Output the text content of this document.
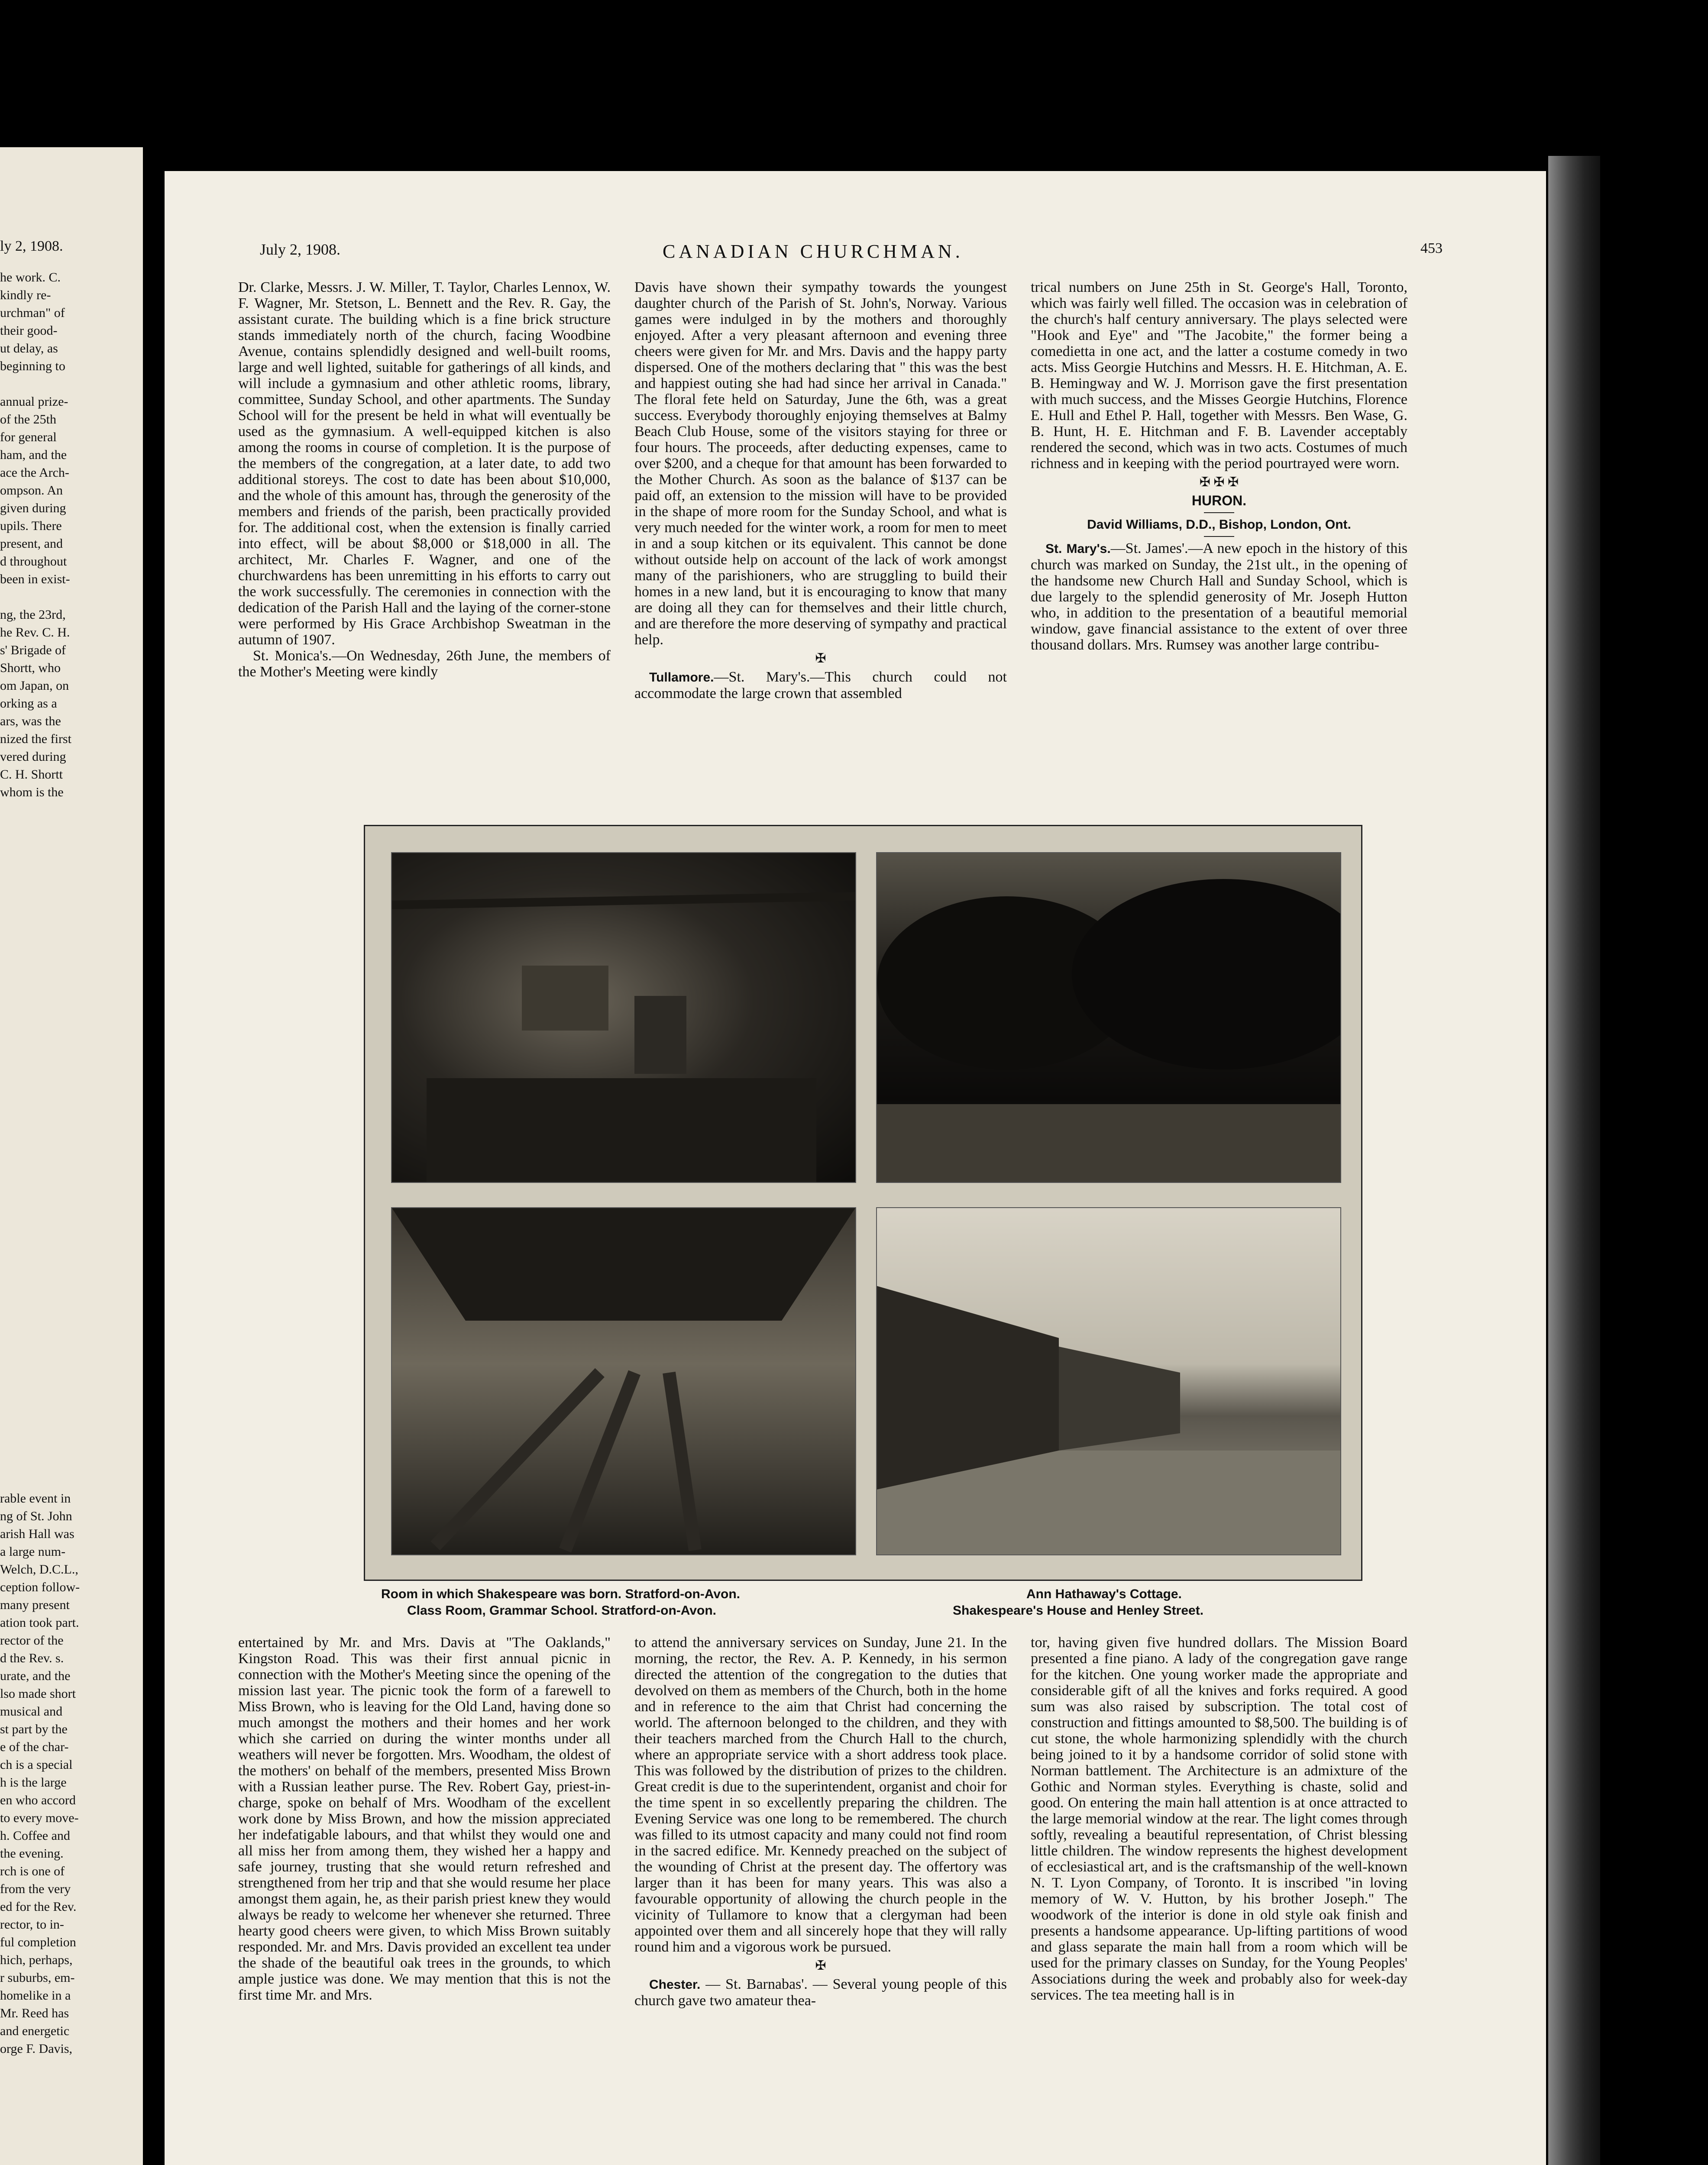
ly 2, 1908.
he work. C.
kindly re-
urchman" of
their good-
ut delay, as
beginning to
annual prize-
of the 25th
for general
ham, and the
ace the Arch-
ompson. An
given during
upils. There
present, and
d throughout
been in exist-
ng, the 23rd,
he Rev. C. H.
s' Brigade of
Shortt, who
om Japan, on
orking as a
ars, was the
nized the first
vered during
C. H. Shortt
whom is the
rable event in
ng of St. John
arish Hall was
a large num-
Welch, D.C.L.,
ception follow-
many present
ation took part.
rector of the
d the Rev. s.
urate, and the
lso made short
musical and
st part by the
e of the char-
ch is a special
h is the large
en who accord
to every move-
h. Coffee and
the evening.
rch is one of
from the very
ed for the Rev.
rector, to in-
ful completion
hich, perhaps,
r suburbs, em-
homelike in a
Mr. Reed has
and energetic
orge F. Davis,
July 2, 1908.	CANADIAN CHURCHMAN.	453

Dr. Clarke, Messrs. J. W. Miller, T. Taylor, Charles Lennox, W. F. Wagner, Mr. Stetson, L. Bennett and the Rev. R. Gay, the assistant curate. The building which is a fine brick structure stands immediately north of the church, facing Woodbine Avenue, contains splendidly designed and well-built rooms, large and well lighted, suitable for gatherings of all kinds, and will include a gymnasium and other athletic rooms, library, committee, Sunday School, and other apartments. The Sunday School will for the present be held in what will eventually be used as the gymnasium. A well-equipped kitchen is also among the rooms in course of completion. It is the purpose of the members of the congregation, at a later date, to add two additional storeys. The cost to date has been about $10,000, and the whole of this amount has, through the generosity of the members and friends of the parish, been practically provided for. The additional cost, when the extension is finally carried into effect, will be about $8,000 or $18,000 in all. The architect, Mr. Charles F. Wagner, and one of the churchwardens has been unremitting in his efforts to carry out the work successfully. The ceremonies in connection with the dedication of the Parish Hall and the laying of the corner-stone were performed by His Grace Archbishop Sweatman in the autumn of 1907.

St. Monica's.—On Wednesday, 26th June, the members of the Mother's Meeting were kindly

Davis have shown their sympathy towards the youngest daughter church of the Parish of St. John's, Norway. Various games were indulged in by the mothers and thoroughly enjoyed. After a very pleasant afternoon and evening three cheers were given for Mr. and Mrs. Davis and the happy party dispersed. One of the mothers declaring that " this was the best and happiest outing she had had since her arrival in Canada." The floral fete held on Saturday, June the 6th, was a great success. Everybody thoroughly enjoying themselves at Balmy Beach Club House, some of the visitors staying for three or four hours. The proceeds, after deducting expenses, came to over $200, and a cheque for that amount has been forwarded to the Mother Church. As soon as the balance of $137 can be paid off, an extension to the mission will have to be provided in the shape of more room for the Sunday School, and what is very much needed for the winter work, a room for men to meet in and a soup kitchen or its equivalent. This cannot be done without outside help on account of the lack of work amongst many of the parishioners, who are struggling to build their homes in a new land, but it is encouraging to know that many are doing all they can for themselves and their little church, and are therefore the more deserving of sympathy and practical help.

✠

Tullamore.—St. Mary's.—This church could not accommodate the large crown that assembled

trical numbers on June 25th in St. George's Hall, Toronto, which was fairly well filled. The occasion was in celebration of the church's half century anniversary. The plays selected were "Hook and Eye" and "The Jacobite," the former being a comedietta in one act, and the latter a costume comedy in two acts. Miss Georgie Hutchins and Messrs. H. E. Hitchman, A. E. B. Hemingway and W. J. Morrison gave the first presentation with much success, and the Misses Georgie Hutchins, Florence E. Hull and Ethel P. Hall, together with Messrs. Ben Wase, G. B. Hunt, H. E. Hitchman and F. B. Lavender acceptably rendered the second, which was in two acts. Costumes of much richness and in keeping with the period pourtrayed were worn.

✠ ✠ ✠

HURON.

David Williams, D.D., Bishop, London, Ont.

St. Mary's.—St. James'.—A new epoch in the history of this church was marked on Sunday, the 21st ult., in the opening of the handsome new Church Hall and Sunday School, which is due largely to the splendid generosity of Mr. Joseph Hutton who, in addition to the presentation of a beautiful memorial window, gave financial assistance to the extent of over three thousand dollars. Mrs. Rumsey was another large contribu-

Room in which Shakespeare was born. Stratford-on-Avon.
Class Room, Grammar School. Stratford-on-Avon.
Ann Hathaway's Cottage.
Shakespeare's House and Henley Street.

entertained by Mr. and Mrs. Davis at "The Oaklands," Kingston Road. This was their first annual picnic in connection with the Mother's Meeting since the opening of the mission last year. The picnic took the form of a farewell to Miss Brown, who is leaving for the Old Land, having done so much amongst the mothers and their homes and her work which she carried on during the winter months under all weathers will never be forgotten. Mrs. Woodham, the oldest of the mothers' on behalf of the members, presented Miss Brown with a Russian leather purse. The Rev. Robert Gay, priest-in-charge, spoke on behalf of Mrs. Woodham of the excellent work done by Miss Brown, and how the mission appreciated her indefatigable labours, and that whilst they would one and all miss her from among them, they wished her a happy and safe journey, trusting that she would return refreshed and strengthened from her trip and that she would resume her place amongst them again, he, as their parish priest knew they would always be ready to welcome her whenever she returned. Three hearty good cheers were given, to which Miss Brown suitably responded. Mr. and Mrs. Davis provided an excellent tea under the shade of the beautiful oak trees in the grounds, to which ample justice was done. We may mention that this is not the first time Mr. and Mrs.

to attend the anniversary services on Sunday, June 21. In the morning, the rector, the Rev. A. P. Kennedy, in his sermon directed the attention of the congregation to the duties that devolved on them as members of the Church, both in the home and in reference to the aim that Christ had concerning the world. The afternoon belonged to the children, and they with their teachers marched from the Church Hall to the church, where an appropriate service with a short address took place. This was followed by the distribution of prizes to the children. Great credit is due to the superintendent, organist and choir for the time spent in so excellently preparing the children. The Evening Service was one long to be remembered. The church was filled to its utmost capacity and many could not find room in the sacred edifice. Mr. Kennedy preached on the subject of the wounding of Christ at the present day. The offertory was larger than it has been for many years. This was also a favourable opportunity of allowing the church people in the vicinity of Tullamore to know that a clergyman had been appointed over them and all sincerely hope that they will rally round him and a vigorous work be pursued.

✠

Chester. — St. Barnabas'. — Several young people of this church gave two amateur thea-

tor, having given five hundred dollars. The Mission Board presented a fine piano. A lady of the congregation gave range for the kitchen. One young worker made the appropriate and considerable gift of all the knives and forks required. A good sum was also raised by subscription. The total cost of construction and fittings amounted to $8,500. The building is of cut stone, the whole harmonizing splendidly with the church being joined to it by a handsome corridor of solid stone with Norman battlement. The Architecture is an admixture of the Gothic and Norman styles. Everything is chaste, solid and good. On entering the main hall attention is at once attracted to the large memorial window at the rear. The light comes through softly, revealing a beautiful representation, of Christ blessing little children. The window represents the highest development of ecclesiastical art, and is the craftsmanship of the well-known N. T. Lyon Company, of Toronto. It is inscribed "in loving memory of W. V. Hutton, by his brother Joseph." The woodwork of the interior is done in old style oak finish and presents a handsome appearance. Up-lifting partitions of wood and glass separate the main hall from a room which will be used for the primary classes on Sunday, for the Young Peoples' Associations during the week and probably also for week-day services. The tea meeting hall is in
